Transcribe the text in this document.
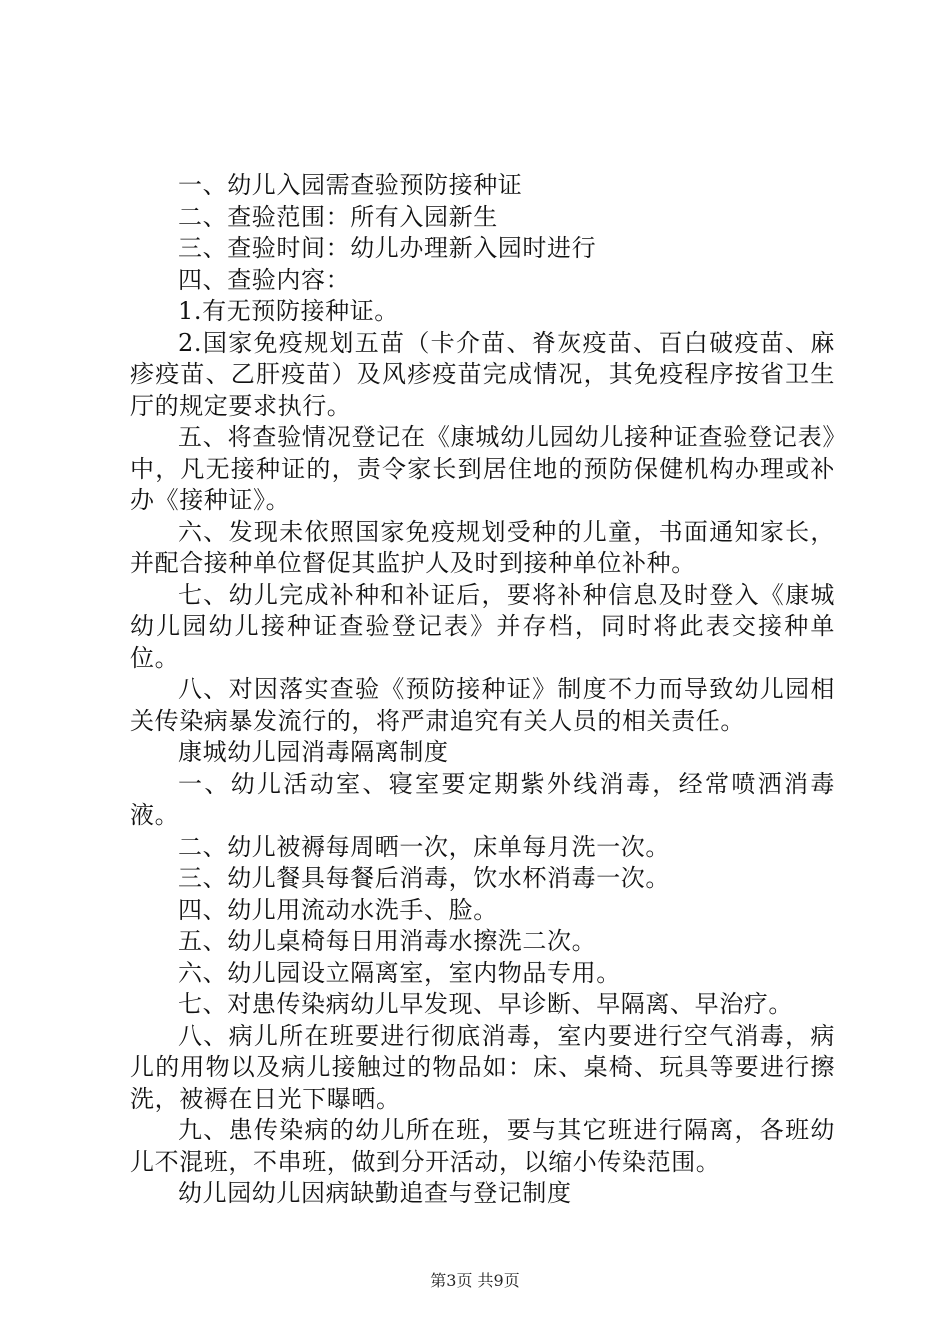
一、幼儿入园需查验预防接种证

二、查验范围：所有入园新生

三、查验时间：幼儿办理新入园时进行

四、查验内容：

1.有无预防接种证。

2.国家免疫规划五苗（卡介苗、脊灰疫苗、百白破疫苗、麻疹疫苗、乙肝疫苗）及风疹疫苗完成情况，其免疫程序按省卫生厅的规定要求执行。

五、将查验情况登记在《康城幼儿园幼儿接种证查验登记表》中，凡无接种证的，责令家长到居住地的预防保健机构办理或补办《接种证》。

六、发现未依照国家免疫规划受种的儿童，书面通知家长，并配合接种单位督促其监护人及时到接种单位补种。

七、幼儿完成补种和补证后，要将补种信息及时登入《康城幼儿园幼儿接种证查验登记表》并存档，同时将此表交接种单位。

八、对因落实查验《预防接种证》制度不力而导致幼儿园相关传染病暴发流行的，将严肃追究有关人员的相关责任。

康城幼儿园消毒隔离制度

一、幼儿活动室、寝室要定期紫外线消毒，经常喷洒消毒液。

二、幼儿被褥每周晒一次，床单每月洗一次。

三、幼儿餐具每餐后消毒，饮水杯消毒一次。

四、幼儿用流动水洗手、脸。

五、幼儿桌椅每日用消毒水擦洗二次。

六、幼儿园设立隔离室，室内物品专用。

七、对患传染病幼儿早发现、早诊断、早隔离、早治疗。

八、病儿所在班要进行彻底消毒，室内要进行空气消毒，病儿的用物以及病儿接触过的物品如：床、桌椅、玩具等要进行擦洗，被褥在日光下曝晒。

九、患传染病的幼儿所在班，要与其它班进行隔离，各班幼儿不混班，不串班，做到分开活动，以缩小传染范围。

幼儿园幼儿因病缺勤追查与登记制度

第3页 共9页
